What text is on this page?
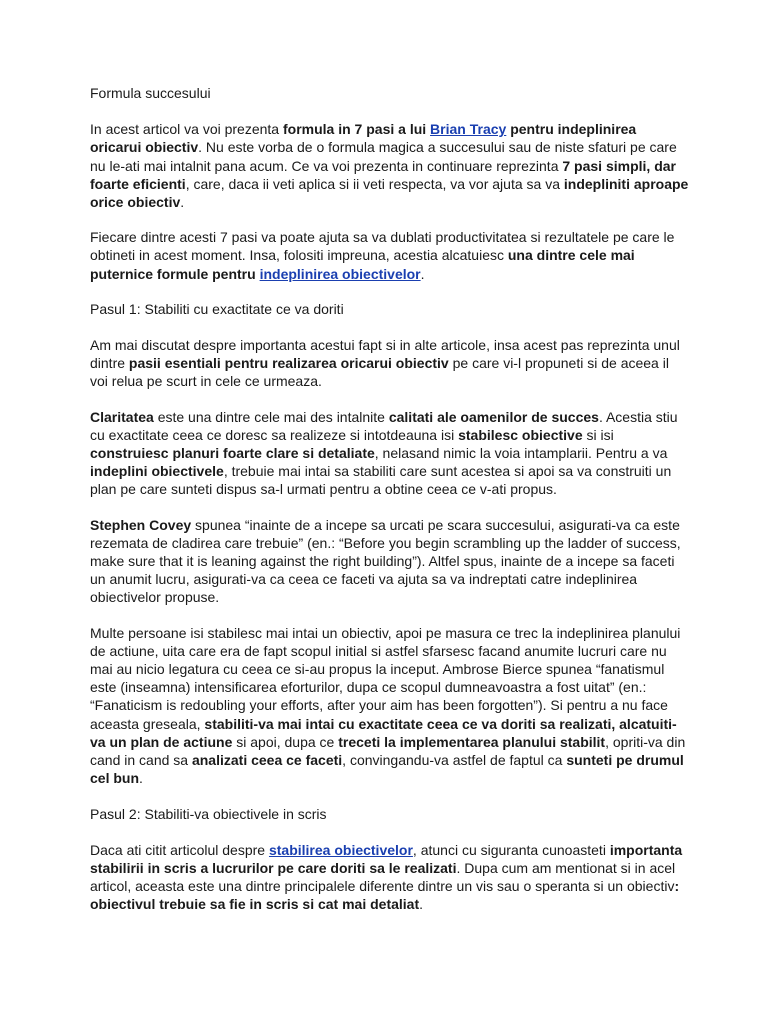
Formula succesului

In acest articol va voi prezenta formula in 7 pasi a lui Brian Tracy pentru indeplinirea oricarui obiectiv. Nu este vorba de o formula magica a succesului sau de niste sfaturi pe care nu le-ati mai intalnit pana acum. Ce va voi prezenta in continuare reprezinta 7 pasi simpli, dar foarte eficienti, care, daca ii veti aplica si ii veti respecta, va vor ajuta sa va indepliniti aproape orice obiectiv.

Fiecare dintre acesti 7 pasi va poate ajuta sa va dublati productivitatea si rezultatele pe care le obtineti in acest moment. Insa, folositi impreuna, acestia alcatuiesc una dintre cele mai puternice formule pentru indeplinirea obiectivelor.

Pasul 1: Stabiliti cu exactitate ce va doriti

Am mai discutat despre importanta acestui fapt si in alte articole, insa acest pas reprezinta unul dintre pasii esentiali pentru realizarea oricarui obiectiv pe care vi-l propuneti si de aceea il voi relua pe scurt in cele ce urmeaza.

Claritatea este una dintre cele mai des intalnite calitati ale oamenilor de succes. Acestia stiu cu exactitate ceea ce doresc sa realizeze si intotdeauna isi stabilesc obiective si isi construiesc planuri foarte clare si detaliate, nelasand nimic la voia intamplarii. Pentru a va indeplini obiectivele, trebuie mai intai sa stabiliti care sunt acestea si apoi sa va construiti un plan pe care sunteti dispus sa-l urmati pentru a obtine ceea ce v-ati propus.

Stephen Covey spunea “inainte de a incepe sa urcati pe scara succesului, asigurati-va ca este rezemata de cladirea care trebuie” (en.: “Before you begin scrambling up the ladder of success, make sure that it is leaning against the right building”). Altfel spus, inainte de a incepe sa faceti un anumit lucru, asigurati-va ca ceea ce faceti va ajuta sa va indreptati catre indeplinirea obiectivelor propuse.

Multe persoane isi stabilesc mai intai un obiectiv, apoi pe masura ce trec la indeplinirea planului de actiune, uita care era de fapt scopul initial si astfel sfarsesc facand anumite lucruri care nu mai au nicio legatura cu ceea ce si-au propus la inceput. Ambrose Bierce spunea “fanatismul este (inseamna) intensificarea eforturilor, dupa ce scopul dumneavoastra a fost uitat” (en.: “Fanaticism is redoubling your efforts, after your aim has been forgotten”). Si pentru a nu face aceasta greseala, stabiliti-va mai intai cu exactitate ceea ce va doriti sa realizati, alcatuiti-va un plan de actiune si apoi, dupa ce treceti la implementarea planului stabilit, opriti-va din cand in cand sa analizati ceea ce faceti, convingandu-va astfel de faptul ca sunteti pe drumul cel bun.

Pasul 2: Stabiliti-va obiectivele in scris

Daca ati citit articolul despre stabilirea obiectivelor, atunci cu siguranta cunoasteti importanta stabilirii in scris a lucrurilor pe care doriti sa le realizati. Dupa cum am mentionat si in acel articol, aceasta este una dintre principalele diferente dintre un vis sau o speranta si un obiectiv: obiectivul trebuie sa fie in scris si cat mai detaliat.
